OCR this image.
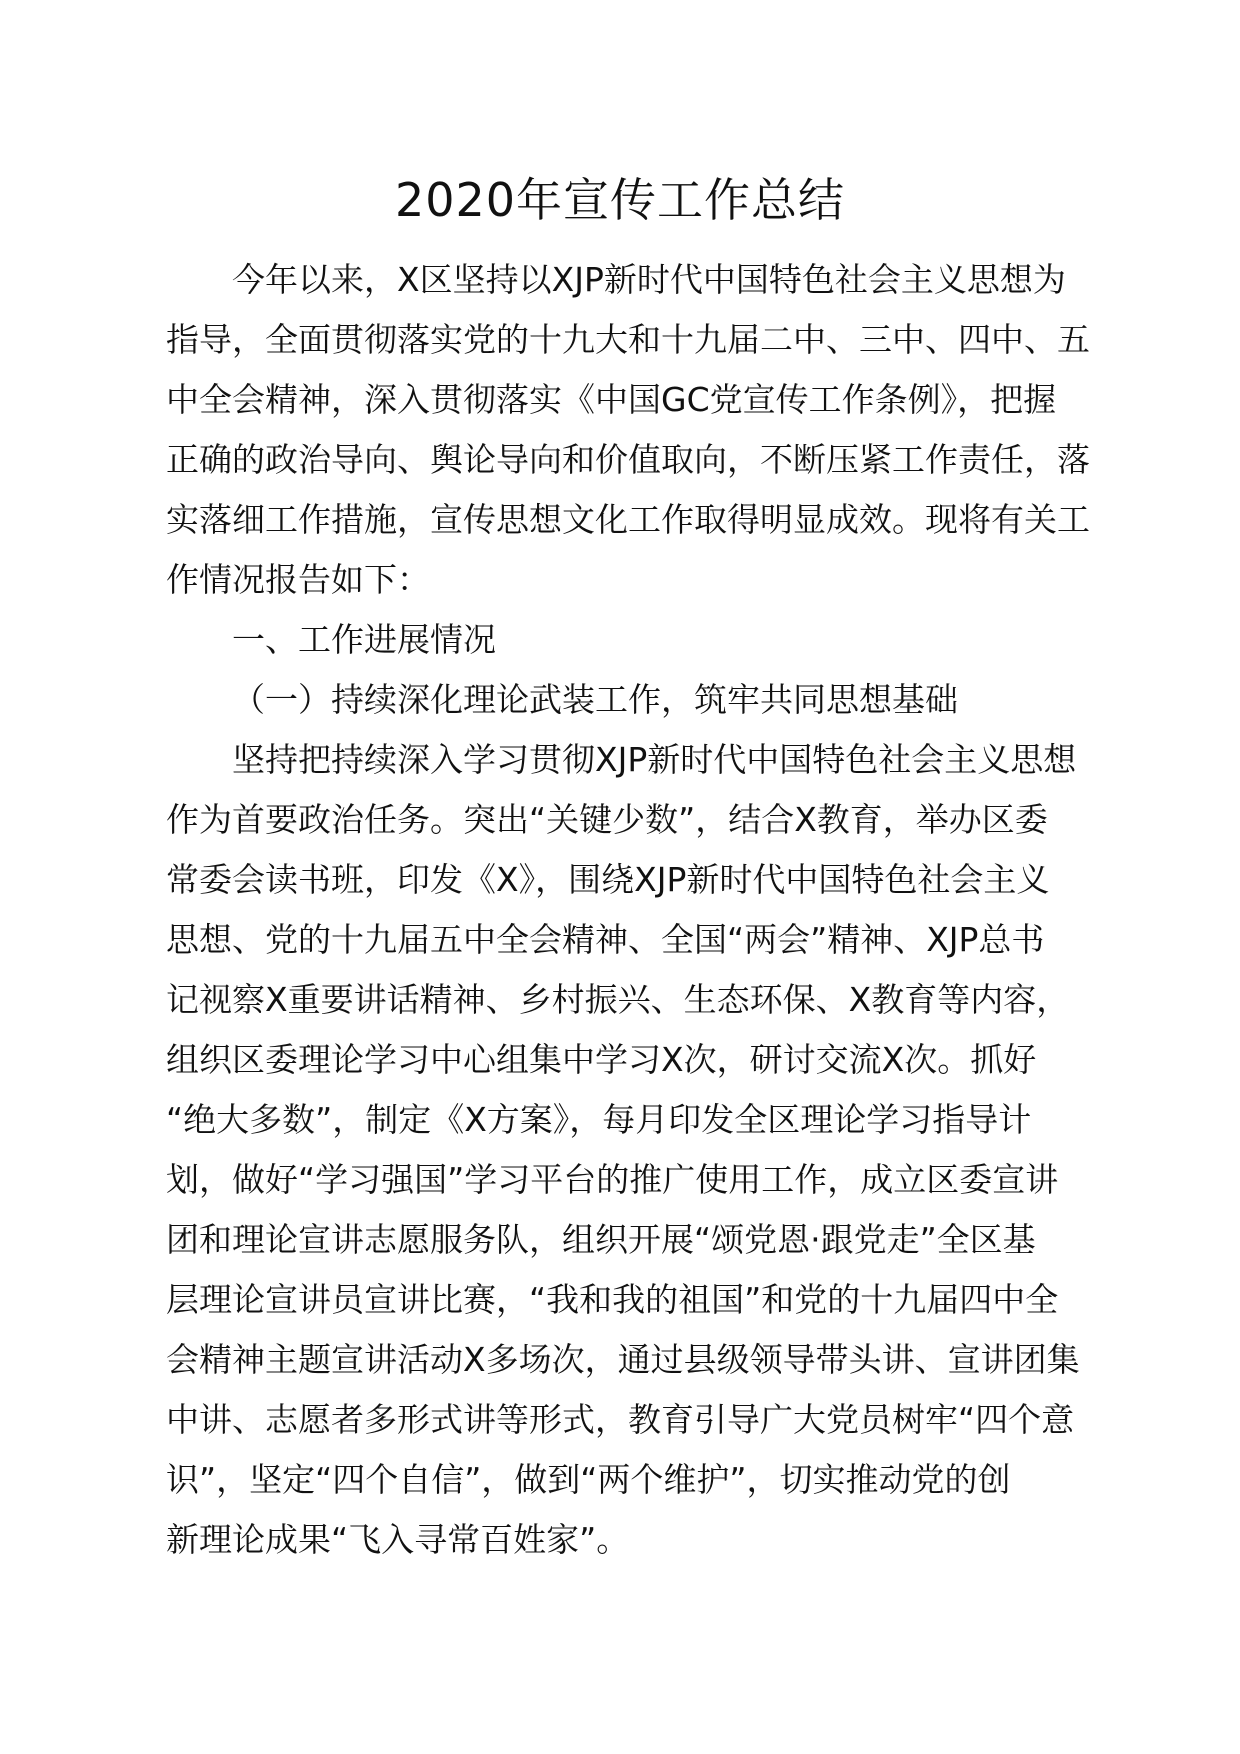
2020年宣传工作总结
今年以来，X区坚持以XJP新时代中国特色社会主义思想为
指导，全面贯彻落实党的十九大和十九届二中、三中、四中、五
中全会精神，深入贯彻落实《中国GC党宣传工作条例》，把握
正确的政治导向、舆论导向和价值取向，不断压紧工作责任，落
实落细工作措施，宣传思想文化工作取得明显成效。现将有关工
作情况报告如下：
一、工作进展情况
（一）持续深化理论武装工作，筑牢共同思想基础
坚持把持续深入学习贯彻XJP新时代中国特色社会主义思想
作为首要政治任务。突出“关键少数”，结合X教育，举办区委
常委会读书班，印发《X》，围绕XJP新时代中国特色社会主义
思想、党的十九届五中全会精神、全国“两会”精神、XJP总书
记视察X重要讲话精神、乡村振兴、生态环保、X教育等内容，
组织区委理论学习中心组集中学习X次，研讨交流X次。抓好
“绝大多数”，制定《X方案》，每月印发全区理论学习指导计
划，做好“学习强国”学习平台的推广使用工作，成立区委宣讲
团和理论宣讲志愿服务队，组织开展“颂党恩·跟党走”全区基
层理论宣讲员宣讲比赛，“我和我的祖国”和党的十九届四中全
会精神主题宣讲活动X多场次，通过县级领导带头讲、宣讲团集
中讲、志愿者多形式讲等形式，教育引导广大党员树牢“四个意
识”，坚定“四个自信”，做到“两个维护”，切实推动党的创
新理论成果“飞入寻常百姓家”。
